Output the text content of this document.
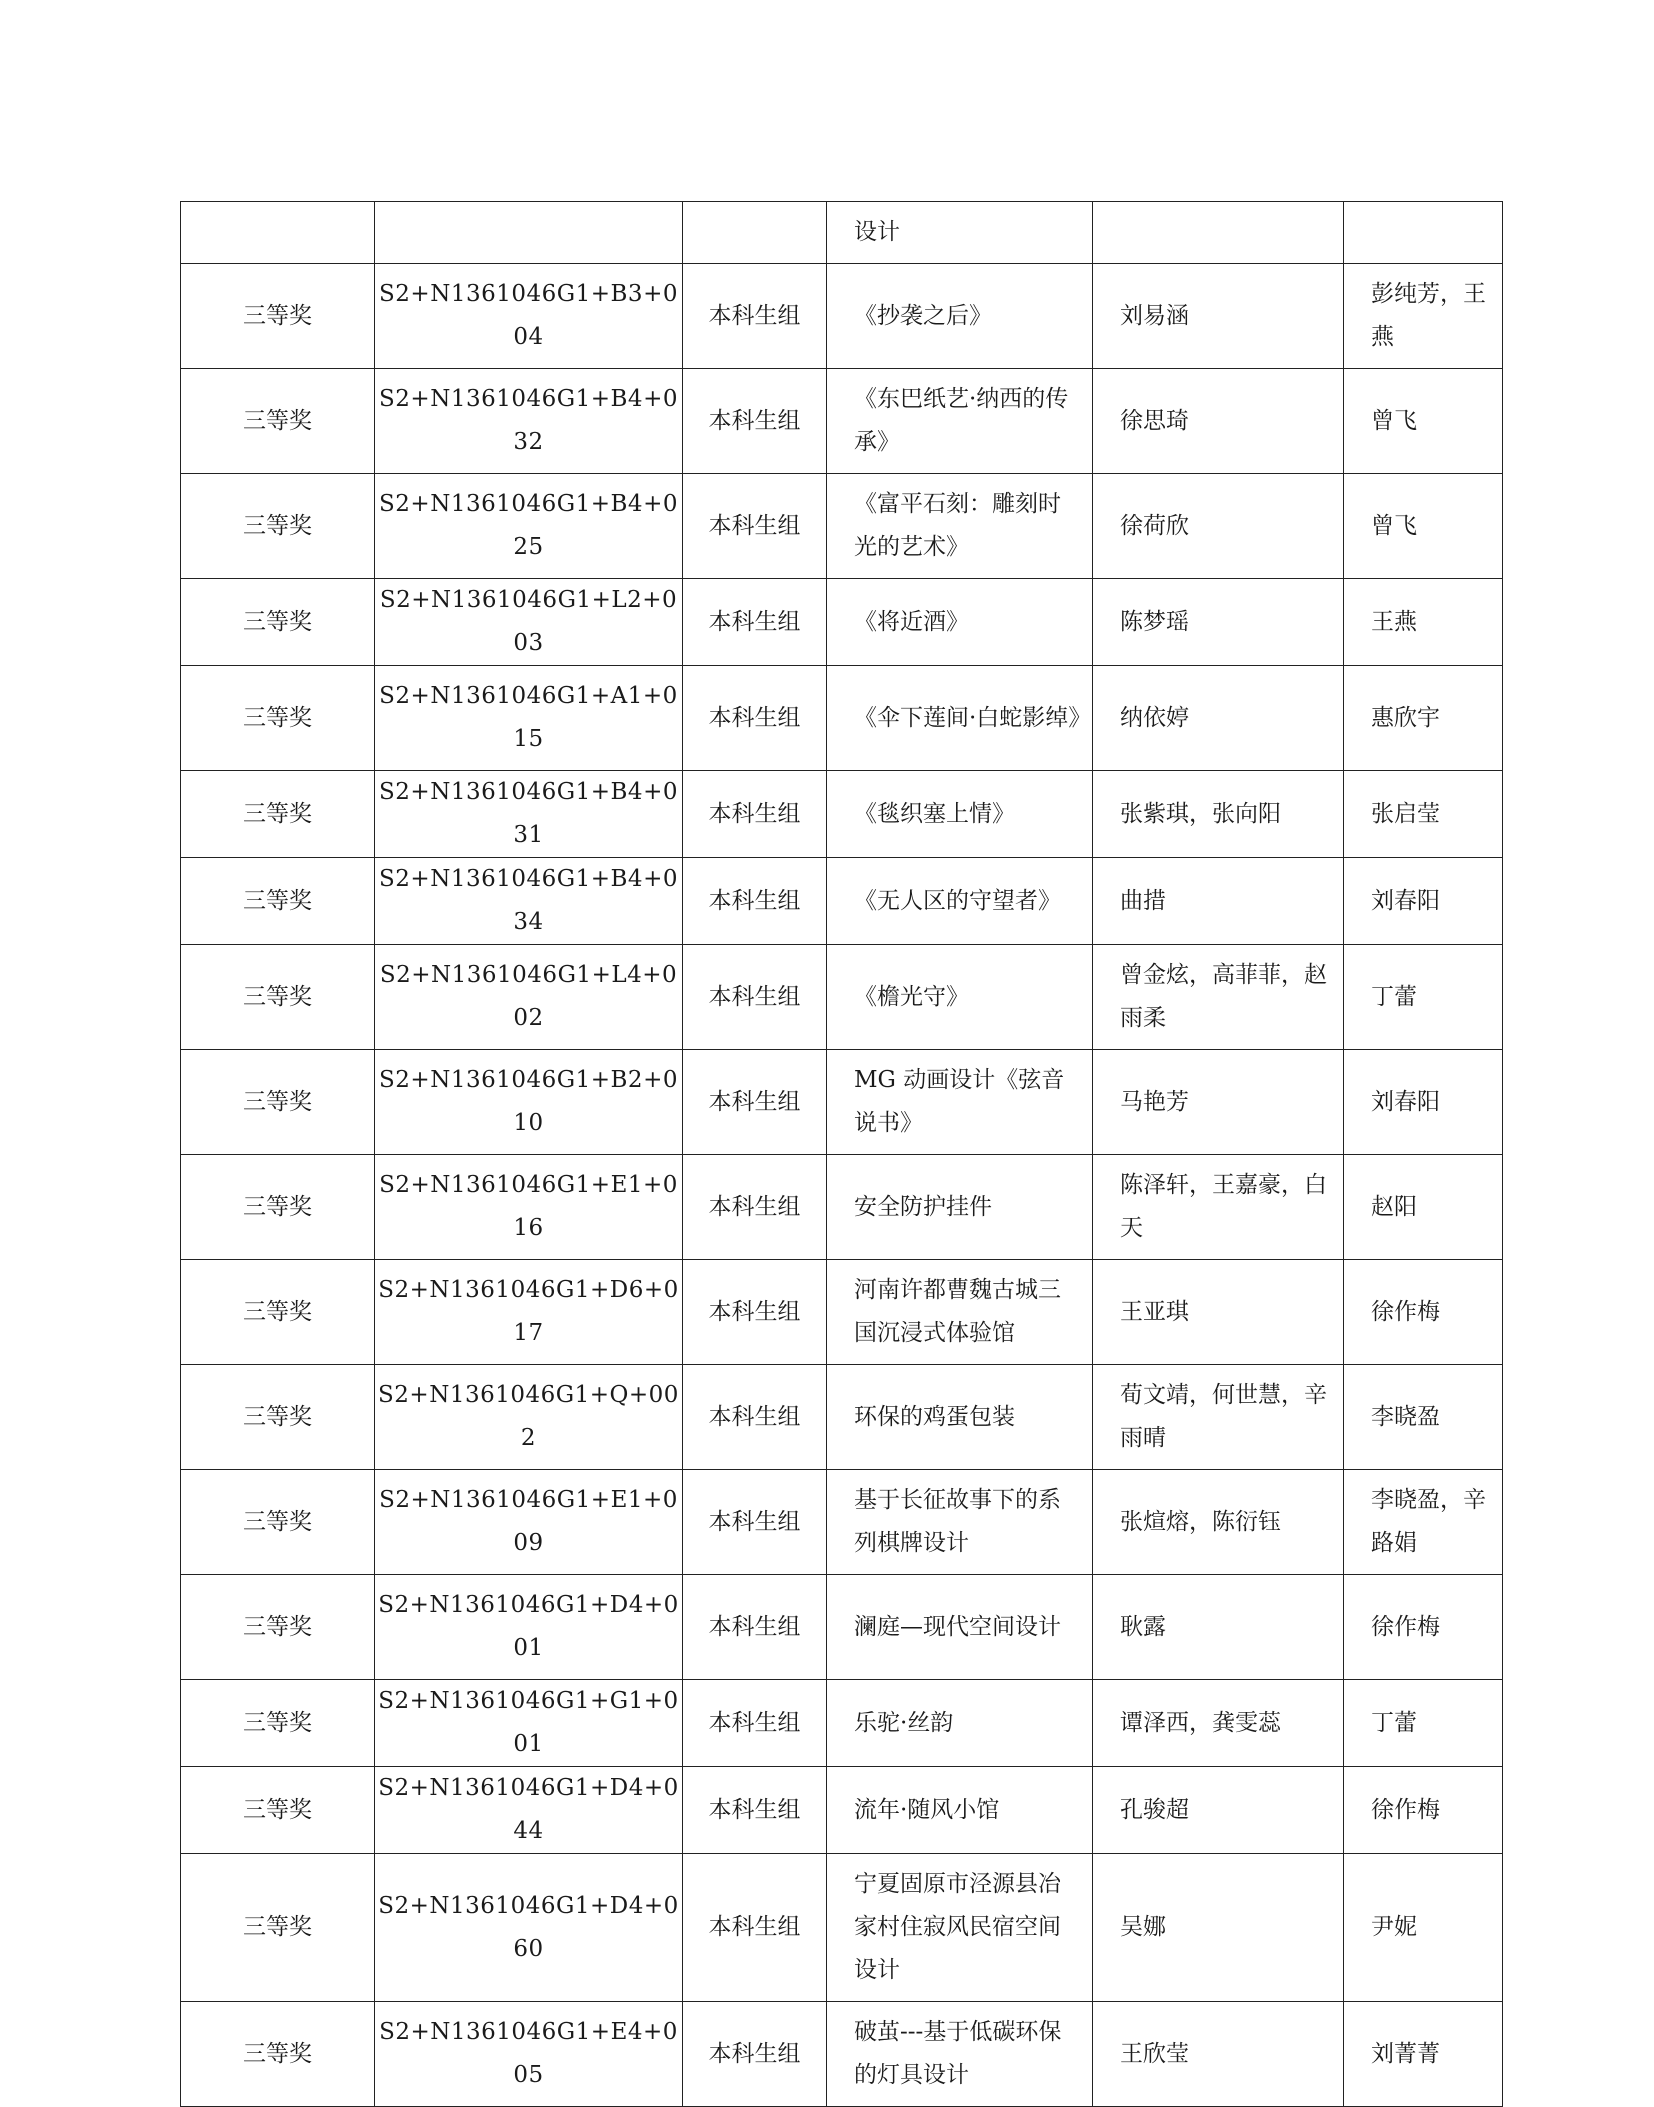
			设计		
三等奖	S2+N1361046G1+B3+004	本科生组	《抄袭之后》	刘易涵	彭纯芳，王燕
三等奖	S2+N1361046G1+B4+032	本科生组	《东巴纸艺·纳西的传承》	徐思琦	曾飞
三等奖	S2+N1361046G1+B4+025	本科生组	《富平石刻：雕刻时光的艺术》	徐荷欣	曾飞
三等奖	S2+N1361046G1+L2+003	本科生组	《将近酒》	陈梦瑶	王燕
三等奖	S2+N1361046G1+A1+015	本科生组	《伞下莲间·白蛇影绰》	纳依婷	惠欣宇
三等奖	S2+N1361046G1+B4+031	本科生组	《毯织塞上情》	张紫琪，张向阳	张启莹
三等奖	S2+N1361046G1+B4+034	本科生组	《无人区的守望者》	曲措	刘春阳
三等奖	S2+N1361046G1+L4+002	本科生组	《檐光守》	曾金炫，高菲菲，赵雨柔	丁蕾
三等奖	S2+N1361046G1+B2+010	本科生组	MG 动画设计《弦音说书》	马艳芳	刘春阳
三等奖	S2+N1361046G1+E1+016	本科生组	安全防护挂件	陈泽轩，王嘉豪，白天	赵阳
三等奖	S2+N1361046G1+D6+017	本科生组	河南许都曹魏古城三国沉浸式体验馆	王亚琪	徐作梅
三等奖	S2+N1361046G1+Q+002	本科生组	环保的鸡蛋包装	荀文靖，何世慧，辛雨晴	李晓盈
三等奖	S2+N1361046G1+E1+009	本科生组	基于长征故事下的系列棋牌设计	张煊熔，陈衍钰	李晓盈，辛路娟
三等奖	S2+N1361046G1+D4+001	本科生组	澜庭—现代空间设计	耿露	徐作梅
三等奖	S2+N1361046G1+G1+001	本科生组	乐驼·丝韵	谭泽西，龚雯蕊	丁蕾
三等奖	S2+N1361046G1+D4+044	本科生组	流年·随风小馆	孔骏超	徐作梅
三等奖	S2+N1361046G1+D4+060	本科生组	宁夏固原市泾源县冶家村住寂风民宿空间设计	吴娜	尹妮
三等奖	S2+N1361046G1+E4+005	本科生组	破茧---基于低碳环保的灯具设计	王欣莹	刘菁菁
